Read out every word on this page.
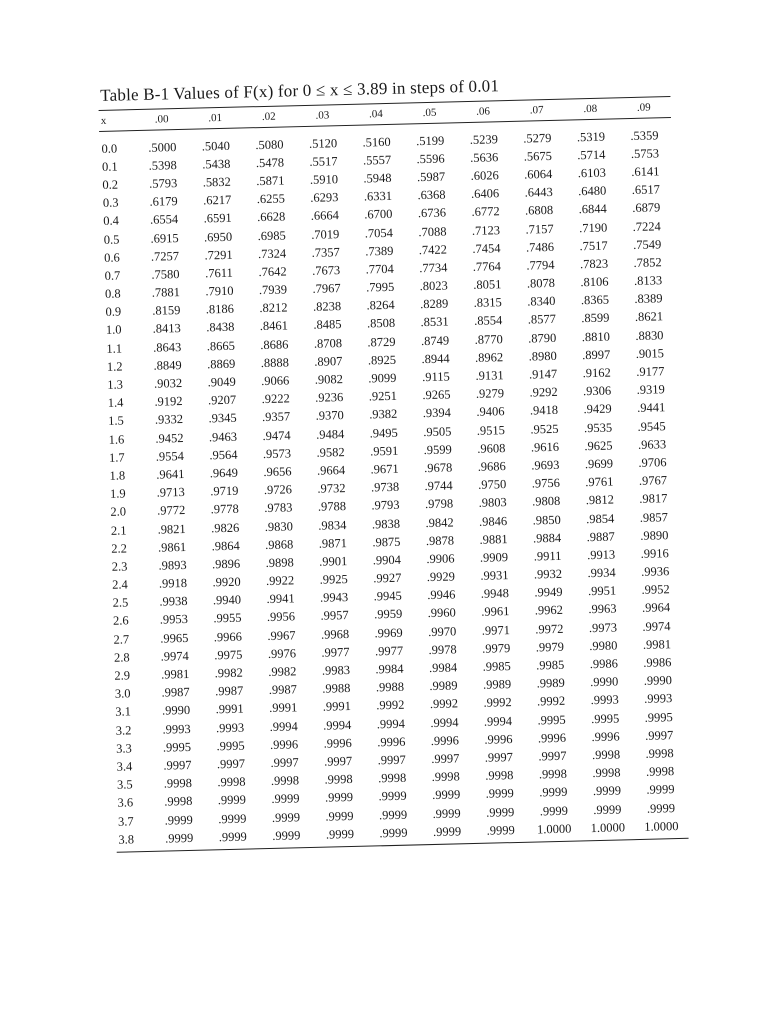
Table B-1 Values of F(x) for 0 ≤ x ≤ 3.89 in steps of 0.01
x	.00	.01	.02	.03	.04	.05	.06	.07	.08	.09
0.0	.5000	.5040	.5080	.5120	.5160	.5199	.5239	.5279	.5319	.5359
0.1	.5398	.5438	.5478	.5517	.5557	.5596	.5636	.5675	.5714	.5753
0.2	.5793	.5832	.5871	.5910	.5948	.5987	.6026	.6064	.6103	.6141
0.3	.6179	.6217	.6255	.6293	.6331	.6368	.6406	.6443	.6480	.6517
0.4	.6554	.6591	.6628	.6664	.6700	.6736	.6772	.6808	.6844	.6879
0.5	.6915	.6950	.6985	.7019	.7054	.7088	.7123	.7157	.7190	.7224
0.6	.7257	.7291	.7324	.7357	.7389	.7422	.7454	.7486	.7517	.7549
0.7	.7580	.7611	.7642	.7673	.7704	.7734	.7764	.7794	.7823	.7852
0.8	.7881	.7910	.7939	.7967	.7995	.8023	.8051	.8078	.8106	.8133
0.9	.8159	.8186	.8212	.8238	.8264	.8289	.8315	.8340	.8365	.8389
1.0	.8413	.8438	.8461	.8485	.8508	.8531	.8554	.8577	.8599	.8621
1.1	.8643	.8665	.8686	.8708	.8729	.8749	.8770	.8790	.8810	.8830
1.2	.8849	.8869	.8888	.8907	.8925	.8944	.8962	.8980	.8997	.9015
1.3	.9032	.9049	.9066	.9082	.9099	.9115	.9131	.9147	.9162	.9177
1.4	.9192	.9207	.9222	.9236	.9251	.9265	.9279	.9292	.9306	.9319
1.5	.9332	.9345	.9357	.9370	.9382	.9394	.9406	.9418	.9429	.9441
1.6	.9452	.9463	.9474	.9484	.9495	.9505	.9515	.9525	.9535	.9545
1.7	.9554	.9564	.9573	.9582	.9591	.9599	.9608	.9616	.9625	.9633
1.8	.9641	.9649	.9656	.9664	.9671	.9678	.9686	.9693	.9699	.9706
1.9	.9713	.9719	.9726	.9732	.9738	.9744	.9750	.9756	.9761	.9767
2.0	.9772	.9778	.9783	.9788	.9793	.9798	.9803	.9808	.9812	.9817
2.1	.9821	.9826	.9830	.9834	.9838	.9842	.9846	.9850	.9854	.9857
2.2	.9861	.9864	.9868	.9871	.9875	.9878	.9881	.9884	.9887	.9890
2.3	.9893	.9896	.9898	.9901	.9904	.9906	.9909	.9911	.9913	.9916
2.4	.9918	.9920	.9922	.9925	.9927	.9929	.9931	.9932	.9934	.9936
2.5	.9938	.9940	.9941	.9943	.9945	.9946	.9948	.9949	.9951	.9952
2.6	.9953	.9955	.9956	.9957	.9959	.9960	.9961	.9962	.9963	.9964
2.7	.9965	.9966	.9967	.9968	.9969	.9970	.9971	.9972	.9973	.9974
2.8	.9974	.9975	.9976	.9977	.9977	.9978	.9979	.9979	.9980	.9981
2.9	.9981	.9982	.9982	.9983	.9984	.9984	.9985	.9985	.9986	.9986
3.0	.9987	.9987	.9987	.9988	.9988	.9989	.9989	.9989	.9990	.9990
3.1	.9990	.9991	.9991	.9991	.9992	.9992	.9992	.9992	.9993	.9993
3.2	.9993	.9993	.9994	.9994	.9994	.9994	.9994	.9995	.9995	.9995
3.3	.9995	.9995	.9996	.9996	.9996	.9996	.9996	.9996	.9996	.9997
3.4	.9997	.9997	.9997	.9997	.9997	.9997	.9997	.9997	.9998	.9998
3.5	.9998	.9998	.9998	.9998	.9998	.9998	.9998	.9998	.9998	.9998
3.6	.9998	.9999	.9999	.9999	.9999	.9999	.9999	.9999	.9999	.9999
3.7	.9999	.9999	.9999	.9999	.9999	.9999	.9999	.9999	.9999	.9999
3.8	.9999	.9999	.9999	.9999	.9999	.9999	.9999	1.0000	1.0000	1.0000
